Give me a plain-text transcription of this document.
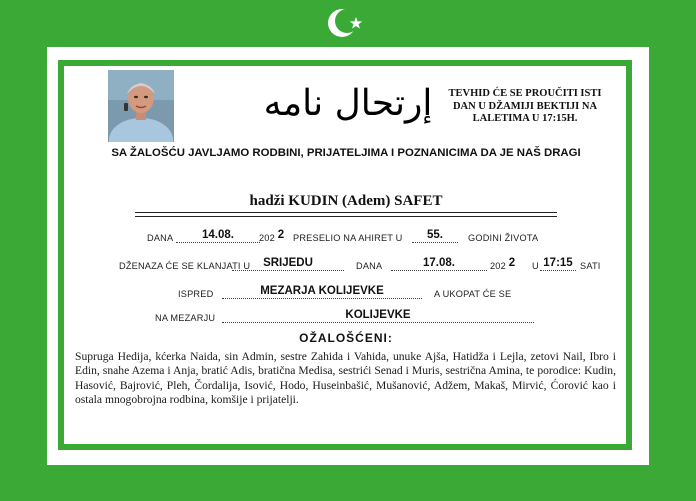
إرتحال نامه	TEVHID ĆE SE PROUČITI ISTI
DAN U DŽAMIJI BEKTIJI NA
LALETIMA U 17:15H.
SA ŽALOŠĆU JAVLJAMO RODBINI, PRIJATELJIMA I POZNANICIMA DA JE NAŠ DRAGI
hadži KUDIN (Adem) SAFET
DANA	14.08.	202 2 PRESELIO NA AHIRET U	55.	GODINI ŽIVOTA
DŽENAZA ĆE SE KLANJATI U	SRIJEDU	DANA	17.08.	202 2 U 17:15 SATI
ISPRED	MEZARJA KOLIJEVKE	A UKOPAT ĆE SE
NA MEZARJU	KOLIJEVKE
OŽALOŠĆENI:
Supruga Hedija, kćerka Naida, sin Admin, sestre Zahida i Vahida, unuke Ajša, Hatidža i Lejla, zetovi Nail, Ibro i Edin, snahe Azema i Anja, bratić Adis, bratična Medisa, sestrići Senad i Muris, sestrična Amina, te porodice: Kudin, Hasović, Bajrović, Pleh, Čordalija, Isović, Hodo, Huseinbašić, Mušanović, Adžem, Makaš, Mirvić, Ćorović kao i ostala mnogobrojna rodbina, komšije i prijatelji.
